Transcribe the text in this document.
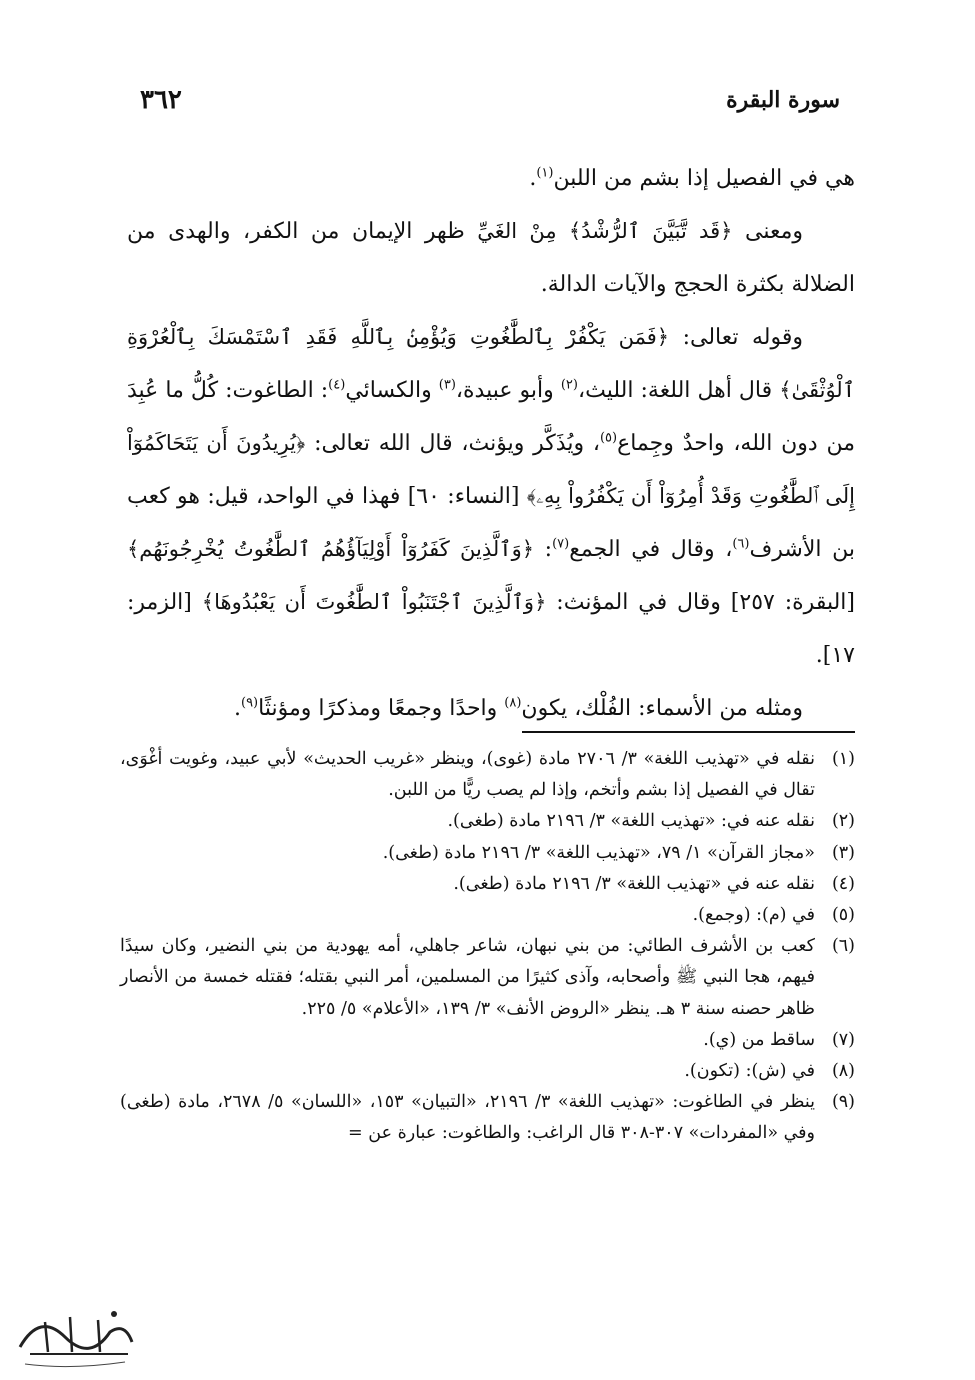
سورة البقرة
٣٦٢

هي في الفصيل إذا بشم من اللبن$^{(١)}$.

ومعنى ﴿قَد تَّبَيَّنَ ٱلرُّشْدُ﴾ مِنْ الغَيِّ ظهر الإيمان من الكفر، والهدى من الضلالة بكثرة الحجج والآيات الدالة.

وقوله تعالى: ﴿فَمَن يَكْفُرْ بِٱلطَّٰغُوتِ وَيُؤْمِنۢ بِٱللَّهِ فَقَدِ ٱسْتَمْسَكَ بِٱلْعُرْوَةِ ٱلْوُثْقَىٰ﴾ قال أهل اللغة: الليث،$^{(٢)}$ وأبو عبيدة،$^{(٣)}$ والكسائي$^{(٤)}$: الطاغوت: كُلُّ ما عُبِدَ من دون الله، واحدٌ وجِماع$^{(٥)}$، ويُذَكَّر ويؤنث، قال الله تعالى: ﴿يُرِيدُونَ أَن يَتَحَاكَمُوٓاْ إِلَى ٱلطَّٰغُوتِ وَقَدْ أُمِرُوٓاْ أَن يَكْفُرُواْ بِهِۦ﴾ [النساء: ٦٠] فهذا في الواحد، قيل: هو كعب بن الأشرف$^{(٦)}$، وقال في الجمع$^{(٧)}$: ﴿وَٱلَّذِينَ كَفَرُوٓاْ أَوْلِيَآؤُهُمُ ٱلطَّٰغُوتُ يُخْرِجُونَهُم﴾ [البقرة: ٢٥٧] وقال في المؤنث: ﴿وَٱلَّذِينَ ٱجْتَنَبُواْ ٱلطَّٰغُوتَ أَن يَعْبُدُوهَا﴾ [الزمر: ١٧].

ومثله من الأسماء: الفُلْك، يكون$^{(٨)}$ واحدًا وجمعًا ومذكرًا ومؤنثًا$^{(٩)}$.

(١)
نقله في «تهذيب اللغة» ٣/ ٢٧٠٦ مادة (غوى)، وينظر «غريب الحديث» لأبي عبيد، وغويت أغْوَى، تقال في الفصيل إذا بشم وأتخم، وإذا لم يصب ريًّا من اللبن.
(٢)
نقله عنه في: «تهذيب اللغة» ٣/ ٢١٩٦ مادة (طغى).
(٣)
«مجاز القرآن» ١/ ٧٩، «تهذيب اللغة» ٣/ ٢١٩٦ مادة (طغى).
(٤)
نقله عنه في «تهذيب اللغة» ٣/ ٢١٩٦ مادة (طغى).
(٥)
في (م): (وجمع).
(٦)
كعب بن الأشرف الطائي: من بني نبهان، شاعر جاهلي، أمه يهودية من بني النضير، وكان سيدًا فيهم، هجا النبي ﷺ وأصحابه، وآذى كثيرًا من المسلمين، أمر النبي بقتله؛ فقتله خمسة من الأنصار ظاهر حصنه سنة ٣ هـ. ينظر «الروض الأنف» ٣/ ١٣٩، «الأعلام» ٥/ ٢٢٥.
(٧)
ساقط من (ي).
(٨)
في (ش): (تكون).
(٩)
ينظر في الطاغوت: «تهذيب اللغة» ٣/ ٢١٩٦، «التبيان» ١٥٣، «اللسان» ٥/ ٢٦٧٨، مادة (طغى) وفي «المفردات» ٣٠٧-٣٠٨ قال الراغب: والطاغوت: عبارة عن =
